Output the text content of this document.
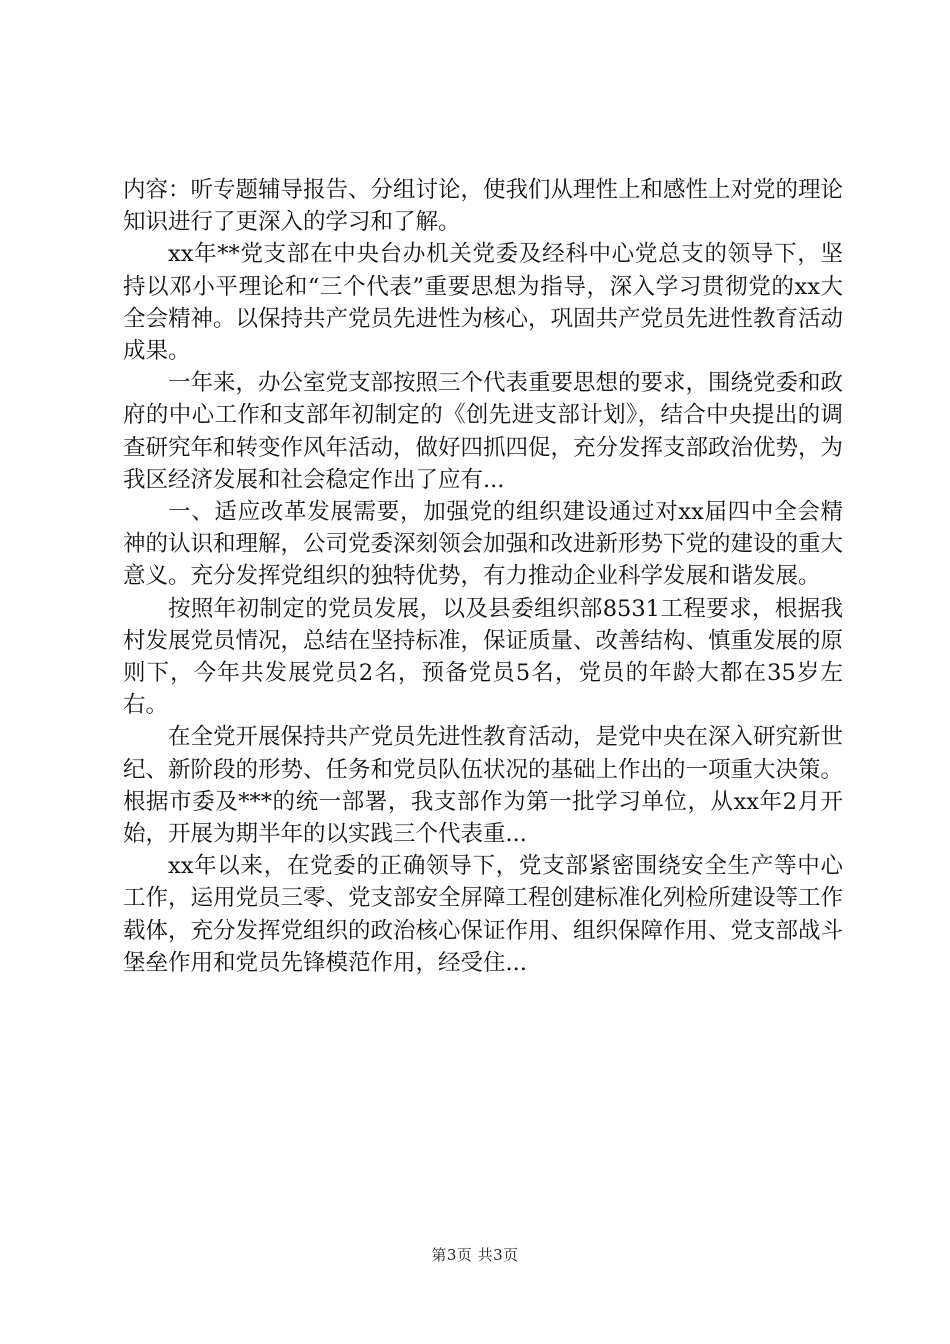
内容：听专题辅导报告、分组讨论，使我们从理性上和感性上对党的理论知识进行了更深入的学习和了解。

xx年**党支部在中央台办机关党委及经科中心党总支的领导下，坚持以邓小平理论和“三个代表”重要思想为指导，深入学习贯彻党的xx大全会精神。以保持共产党员先进性为核心，巩固共产党员先进性教育活动成果。

一年来，办公室党支部按照三个代表重要思想的要求，围绕党委和政府的中心工作和支部年初制定的《创先进支部计划》，结合中央提出的调查研究年和转变作风年活动，做好四抓四促，充分发挥支部政治优势，为我区经济发展和社会稳定作出了应有...

一、适应改革发展需要，加强党的组织建设通过对xx届四中全会精神的认识和理解，公司党委深刻领会加强和改进新形势下党的建设的重大意义。充分发挥党组织的独特优势，有力推动企业科学发展和谐发展。

按照年初制定的党员发展，以及县委组织部8531工程要求，根据我村发展党员情况，总结在坚持标准，保证质量、改善结构、慎重发展的原则下，今年共发展党员2名，预备党员5名，党员的年龄大都在35岁左右。

在全党开展保持共产党员先进性教育活动，是党中央在深入研究新世纪、新阶段的形势、任务和党员队伍状况的基础上作出的一项重大决策。根据市委及***的统一部署，我支部作为第一批学习单位，从xx年2月开始，开展为期半年的以实践三个代表重...

xx年以来，在党委的正确领导下，党支部紧密围绕安全生产等中心工作，运用党员三零、党支部安全屏障工程创建标准化列检所建设等工作载体，充分发挥党组织的政治核心保证作用、组织保障作用、党支部战斗堡垒作用和党员先锋模范作用，经受住...

第3页 共3页
